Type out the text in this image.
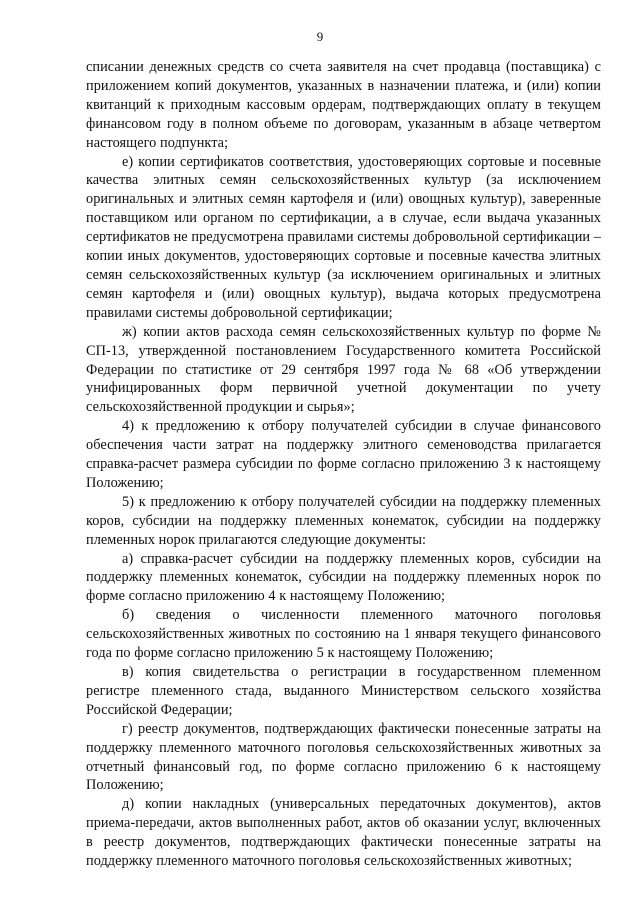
9

списании денежных средств со счета заявителя на счет продавца (поставщика) с приложением копий документов, указанных в назначении платежа, и (или) копии квитанций к приходным кассовым ордерам, подтверждающих оплату в текущем финансовом году в полном объеме по договорам, указанным в абзаце четвертом настоящего подпункта;

е) копии сертификатов соответствия, удостоверяющих сортовые и посевные качества элитных семян сельскохозяйственных культур (за исключением оригинальных и элитных семян картофеля и (или) овощных культур), заверенные поставщиком или органом по сертификации, а в случае, если выдача указанных сертификатов не предусмотрена правилами системы добровольной сертификации – копии иных документов, удостоверяющих сортовые и посевные качества элитных семян сельскохозяйственных культур (за исключением оригинальных и элитных семян картофеля и (или) овощных культур), выдача которых предусмотрена правилами системы добровольной сертификации;

ж) копии актов расхода семян сельскохозяйственных культур по форме № СП-13, утвержденной постановлением Государственного комитета Российской Федерации по статистике от 29 сентября 1997 года № 68 «Об утверждении унифицированных форм первичной учетной документации по учету сельскохозяйственной продукции и сырья»;

4) к предложению к отбору получателей субсидии в случае финансового обеспечения части затрат на поддержку элитного семеноводства прилагается справка-расчет размера субсидии по форме согласно приложению 3 к настоящему Положению;

5) к предложению к отбору получателей субсидии на поддержку племенных коров, субсидии на поддержку племенных конематок, субсидии на поддержку племенных норок прилагаются следующие документы:

а) справка-расчет субсидии на поддержку племенных коров, субсидии на поддержку племенных конематок, субсидии на поддержку племенных норок по форме согласно приложению 4 к настоящему Положению;

б) сведения о численности племенного маточного поголовья сельскохозяйственных животных по состоянию на 1 января текущего финансового года по форме согласно приложению 5 к настоящему Положению;

в) копия свидетельства о регистрации в государственном племенном регистре племенного стада, выданного Министерством сельского хозяйства Российской Федерации;

г) реестр документов, подтверждающих фактически понесенные затраты на поддержку племенного маточного поголовья сельскохозяйственных животных за отчетный финансовый год, по форме согласно приложению 6 к настоящему Положению;

д) копии накладных (универсальных передаточных документов), актов приема-передачи, актов выполненных работ, актов об оказании услуг, включенных в реестр документов, подтверждающих фактически понесенные затраты на поддержку племенного маточного поголовья сельскохозяйственных животных;
